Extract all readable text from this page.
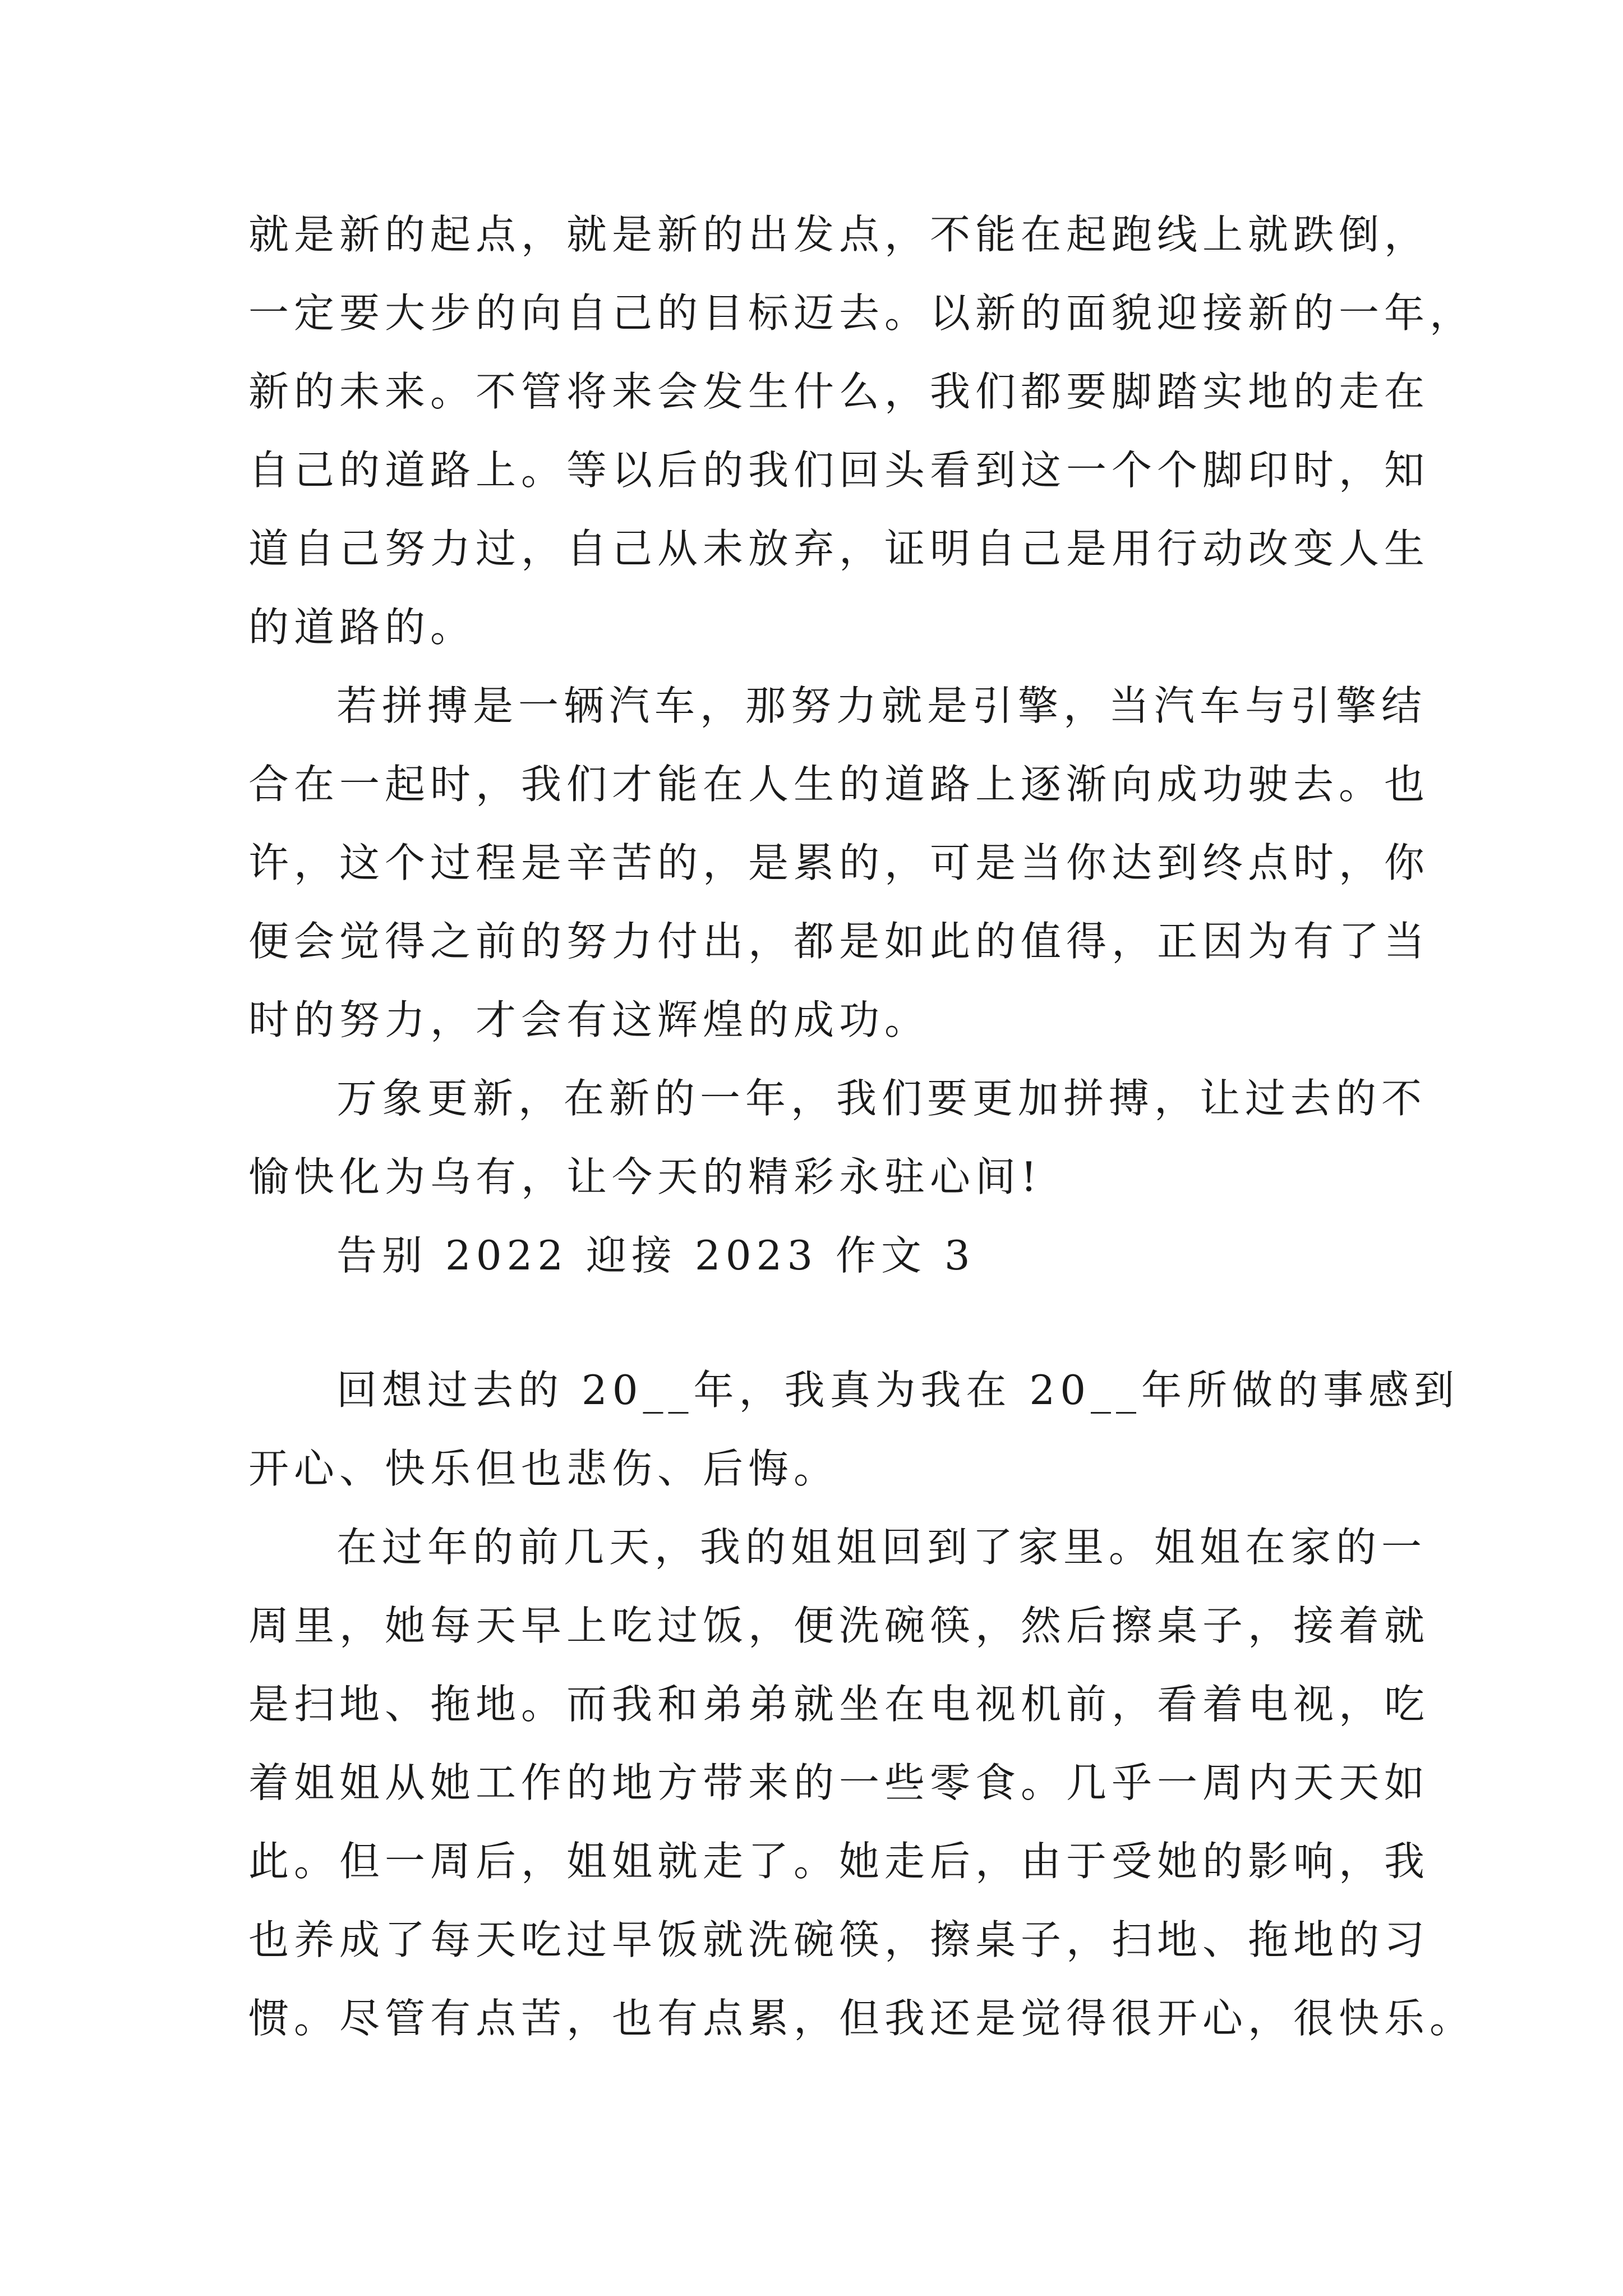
就是新的起点，就是新的出发点，不能在起跑线上就跌倒，
一定要大步的向自己的目标迈去。以新的面貌迎接新的一年，
新的未来。不管将来会发生什么，我们都要脚踏实地的走在
自己的道路上。等以后的我们回头看到这一个个脚印时，知
道自己努力过，自己从未放弃，证明自己是用行动改变人生
的道路的。
若拼搏是一辆汽车，那努力就是引擎，当汽车与引擎结
合在一起时，我们才能在人生的道路上逐渐向成功驶去。也
许，这个过程是辛苦的，是累的，可是当你达到终点时，你
便会觉得之前的努力付出，都是如此的值得，正因为有了当
时的努力，才会有这辉煌的成功。
万象更新，在新的一年，我们要更加拼搏，让过去的不
愉快化为乌有，让今天的精彩永驻心间!
告别 2022 迎接 2023 作文 3
回想过去的 20__年，我真为我在 20__年所做的事感到
开心、快乐但也悲伤、后悔。
在过年的前几天，我的姐姐回到了家里。姐姐在家的一
周里，她每天早上吃过饭，便洗碗筷，然后擦桌子，接着就
是扫地、拖地。而我和弟弟就坐在电视机前，看着电视，吃
着姐姐从她工作的地方带来的一些零食。几乎一周内天天如
此。但一周后，姐姐就走了。她走后，由于受她的影响，我
也养成了每天吃过早饭就洗碗筷，擦桌子，扫地、拖地的习
惯。尽管有点苦，也有点累，但我还是觉得很开心，很快乐。
